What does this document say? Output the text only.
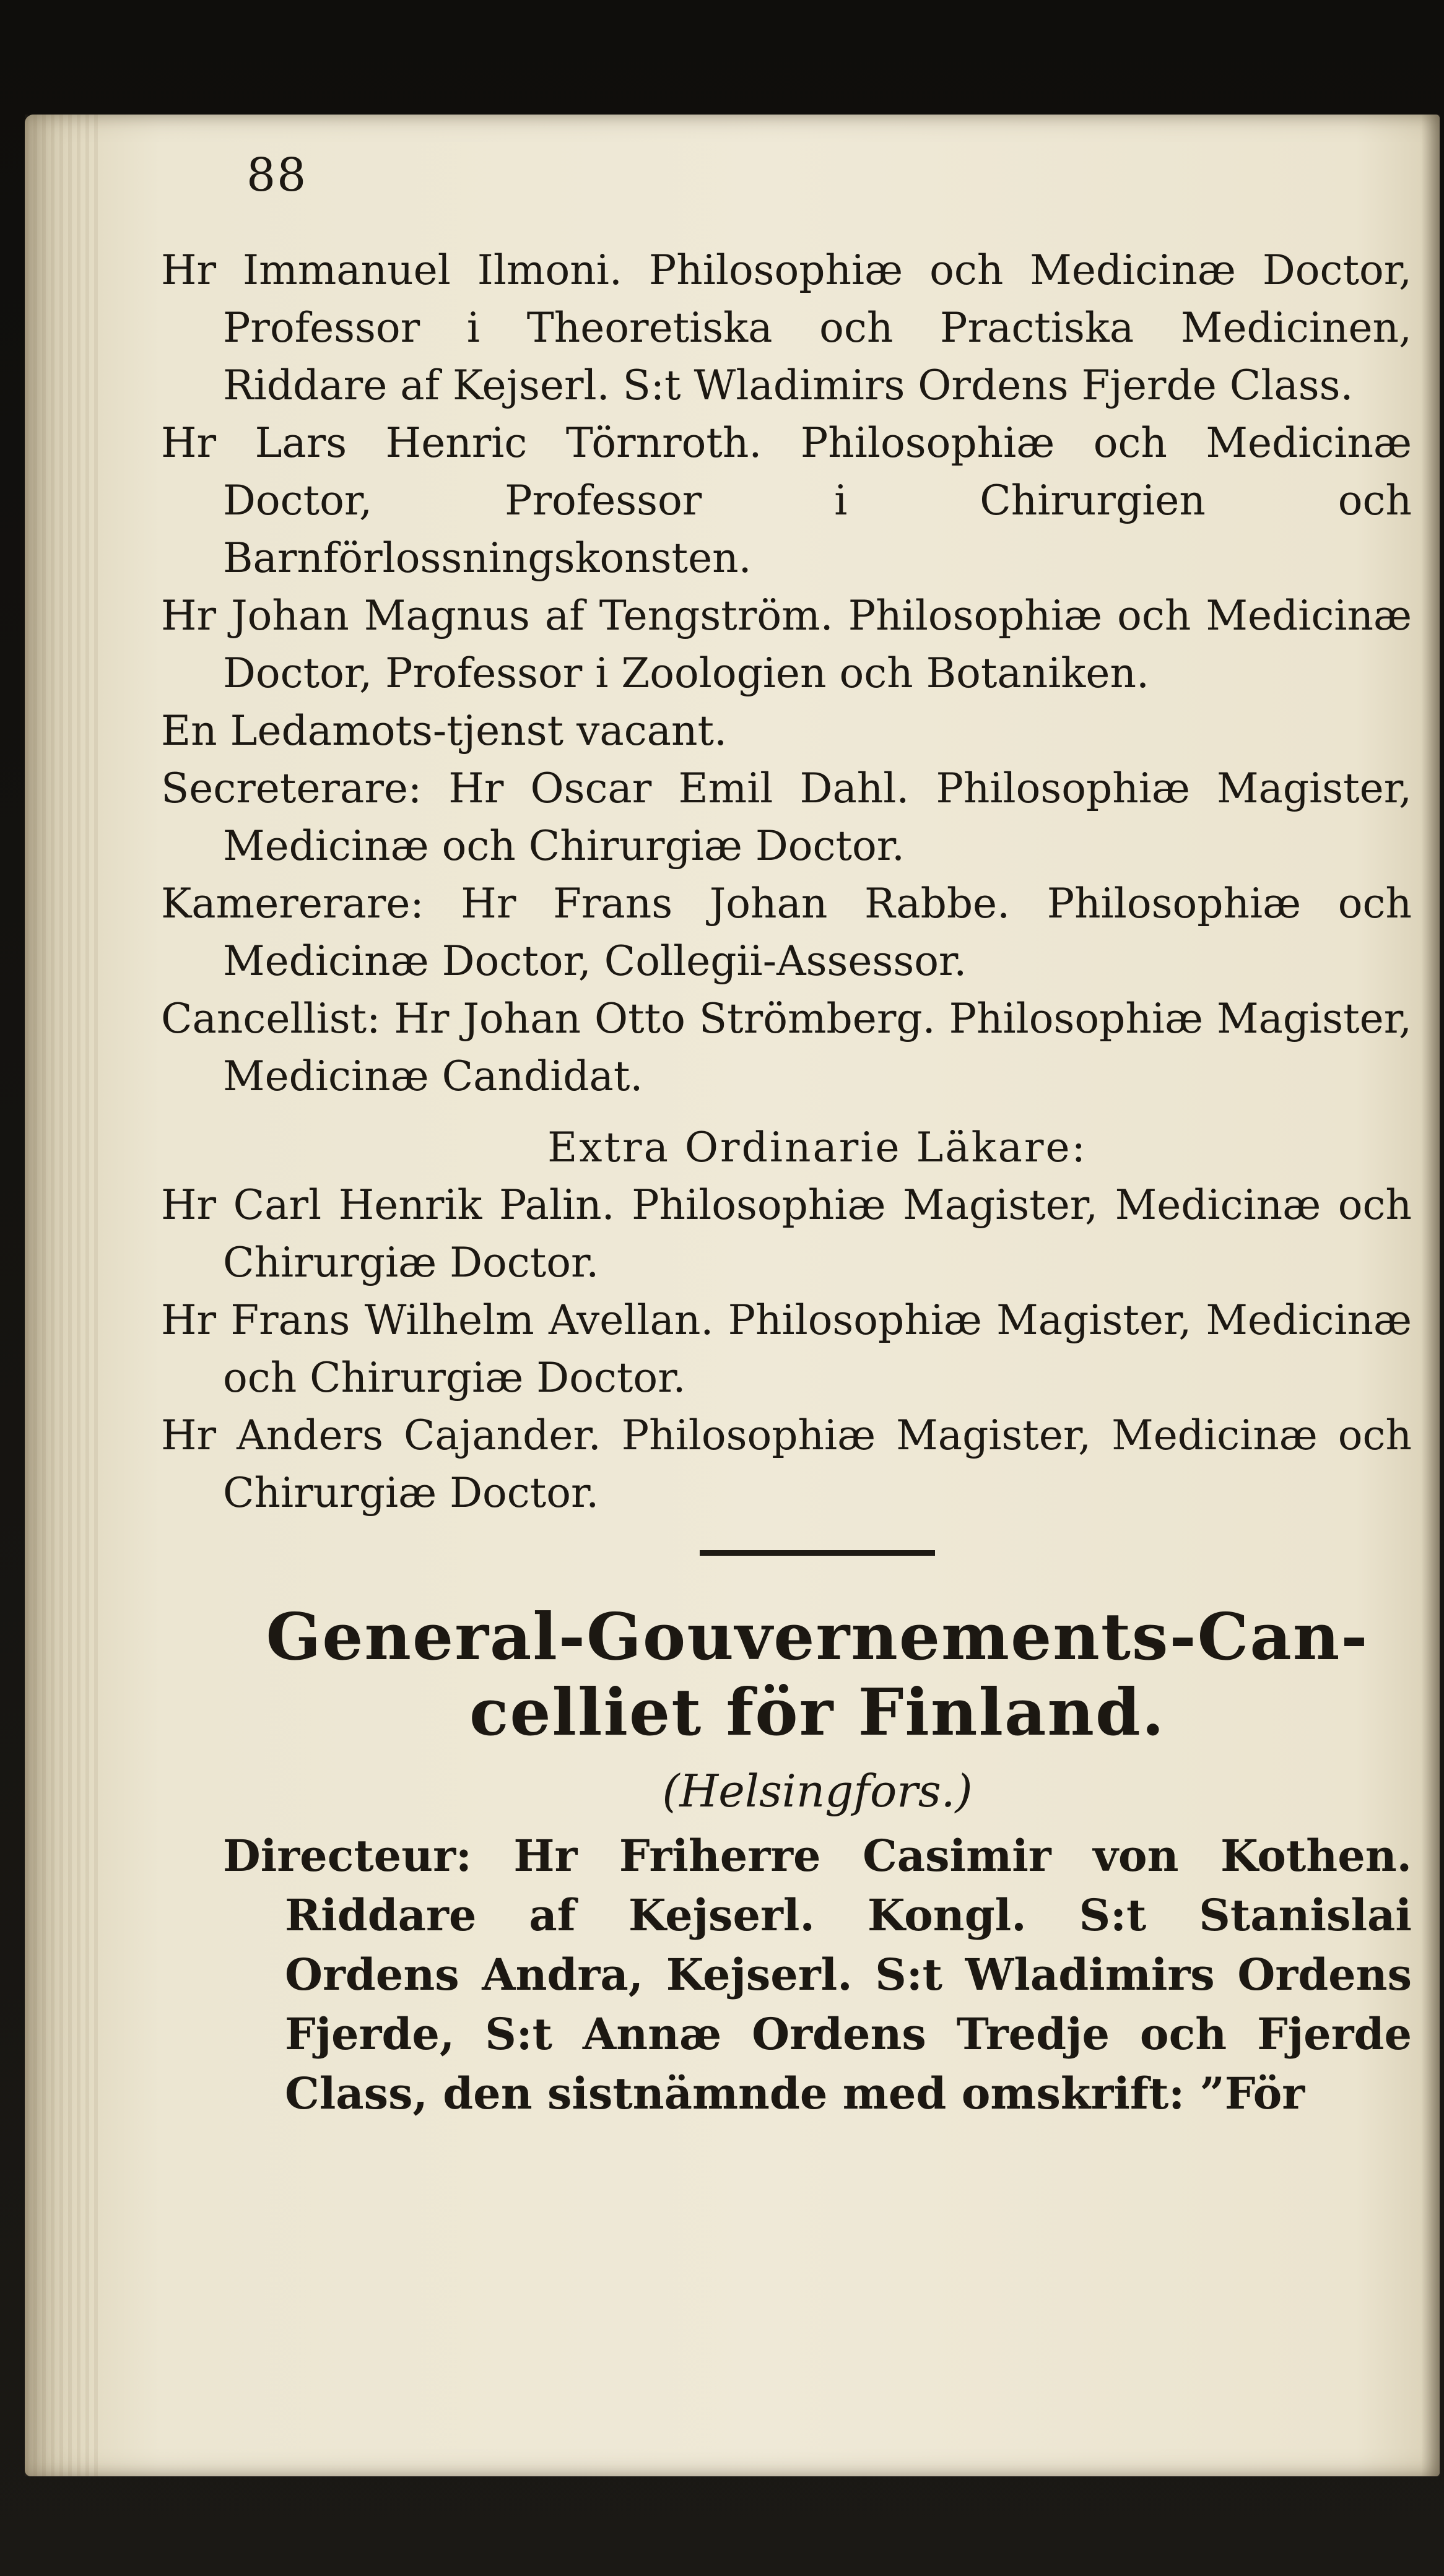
88

Hr Immanuel Ilmoni. Philosophiæ och Medicinæ Doctor, Professor i Theoretiska och Practiska Medicinen, Riddare af Kejserl. S:t Wladimirs Ordens Fjerde Class.

Hr Lars Henric Törnroth. Philosophiæ och Medicinæ Doctor, Professor i Chirurgien och Barnförlossningskonsten.

Hr Johan Magnus af Tengström. Philosophiæ och Medicinæ Doctor, Professor i Zoologien och Botaniken.

En Ledamots-tjenst vacant.

Secreterare: Hr Oscar Emil Dahl. Philosophiæ Magister, Medicinæ och Chirurgiæ Doctor.

Kamererare: Hr Frans Johan Rabbe. Philosophiæ och Medicinæ Doctor, Collegii-Assessor.

Cancellist: Hr Johan Otto Strömberg. Philosophiæ Magister, Medicinæ Candidat.

Extra Ordinarie Läkare:

Hr Carl Henrik Palin. Philosophiæ Magister, Medicinæ och Chirurgiæ Doctor.

Hr Frans Wilhelm Avellan. Philosophiæ Magister, Medicinæ och Chirurgiæ Doctor.

Hr Anders Cajander. Philosophiæ Magister, Medicinæ och Chirurgiæ Doctor.

General-Gouvernements-Can-
celliet för Finland.
(Helsingfors.)

Directeur: Hr Friherre Casimir von Kothen. Riddare af Kejserl. Kongl. S:t Stanislai Ordens Andra, Kejserl. S:t Wladimirs Ordens Fjerde, S:t Annæ Ordens Tredje och Fjerde Class, den sistnämnde med omskrift: ”För
